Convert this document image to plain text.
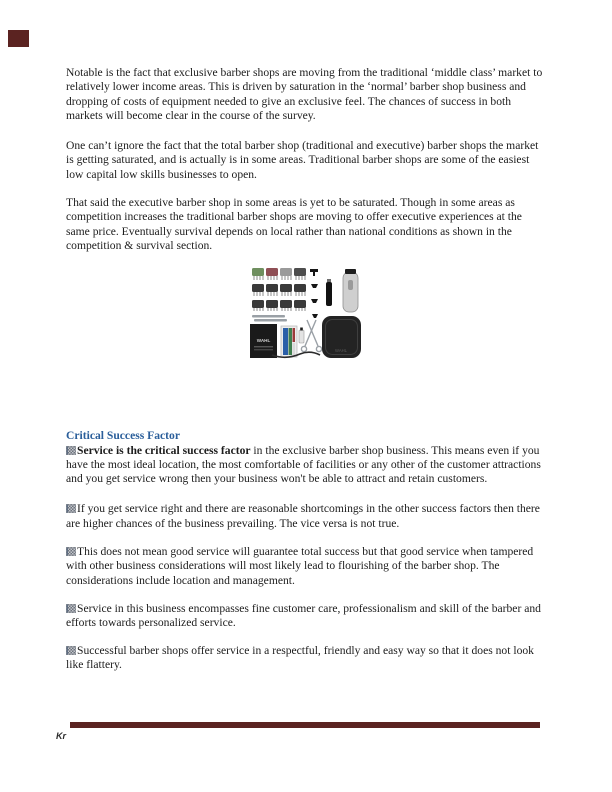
Notable is the fact that exclusive barber shops are moving from the traditional ‘middle class’ market to relatively lower income areas. This is driven by saturation in the ‘normal’ barber shop business and dropping of costs of equipment needed to give an exclusive feel. The chances of success in both markets will become clear in the course of the survey.

One can’t ignore the fact that the total barber shop (traditional and executive) barber shops the market is getting saturated, and is actually is in some areas. Traditional barber shops are some of the easiest low capital low skills businesses to open.

That said the executive barber shop in some areas is yet to be saturated. Though in some areas as competition increases the traditional barber shops are moving to offer executive experiences at the same price. Eventually survival depends on local rather than national conditions as shown in the competition & survival section.

WAHL
WAHL

Critical Success Factor

Service is the critical success factor in the exclusive barber shop business. This means even if you have the most ideal location, the most comfortable of facilities or any other of the customer attractions and you get service wrong then your business won't be able to attract and retain customers.

If you get service right and there are reasonable shortcomings in the other success factors then there are higher chances of the business prevailing. The vice versa is not true.

This does not mean good service will guarantee total success but that good service when tampered with other business considerations will most likely lead to flourishing of the barber shop. The considerations include location and management.

Service in this business encompasses fine customer care, professionalism and skill of the barber and efforts towards personalized service.

Successful barber shops offer service in a respectful, friendly and easy way so that it does not look like flattery.

Kr
